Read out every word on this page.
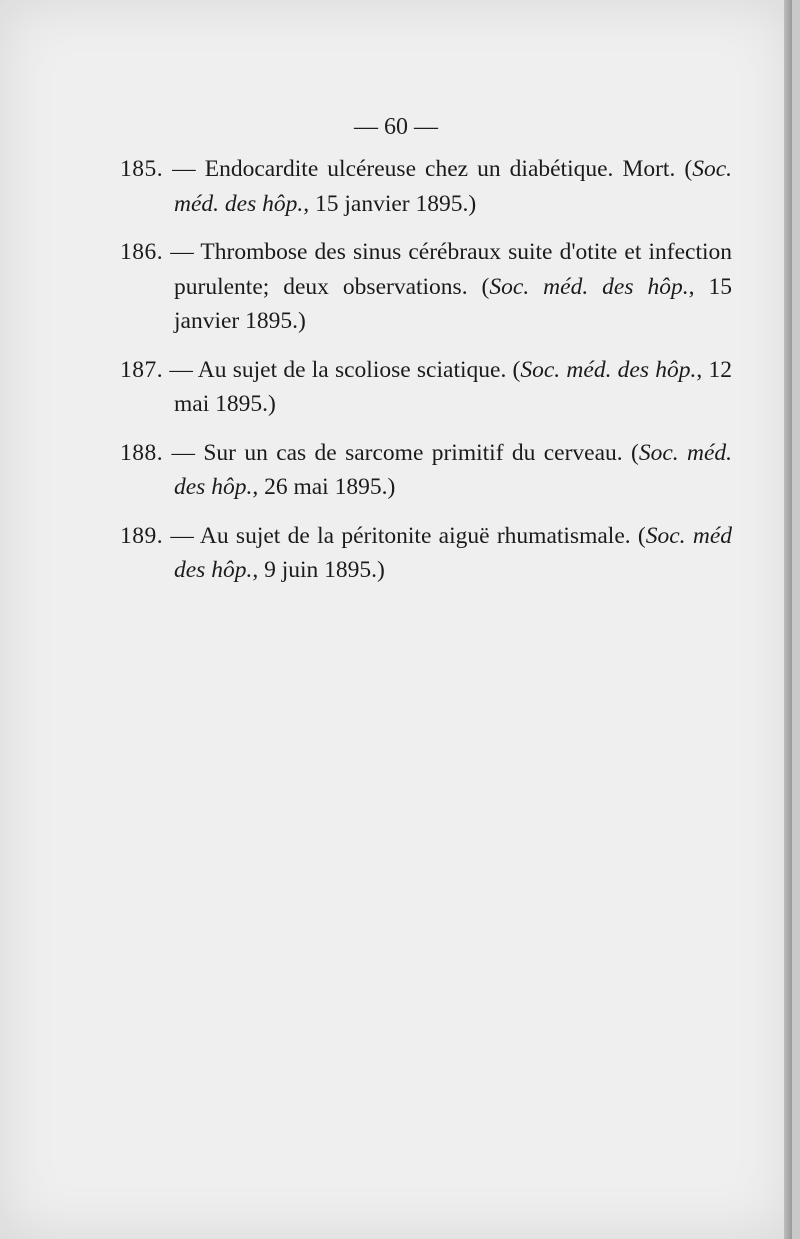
— 60 —

185. — Endocardite ulcéreuse chez un diabétique. Mort. (Soc. méd. des hôp., 15 janvier 1895.)

186. — Thrombose des sinus cérébraux suite d'otite et infection purulente; deux observations. (Soc. méd. des hôp., 15 janvier 1895.)

187. — Au sujet de la scoliose sciatique. (Soc. méd. des hôp., 12 mai 1895.)

188. — Sur un cas de sarcome primitif du cerveau. (Soc. méd. des hôp., 26 mai 1895.)

189. — Au sujet de la péritonite aiguë rhumatismale. (Soc. méd des hôp., 9 juin 1895.)
